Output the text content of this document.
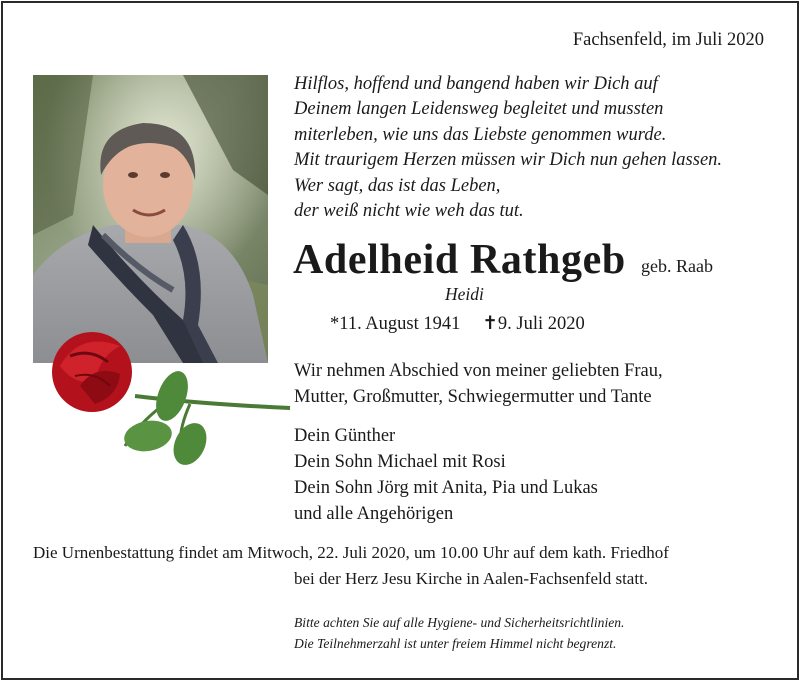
Fachsenfeld, im Juli 2020
Hilflos, hoffend und bangend haben wir Dich auf
Deinem langen Leidensweg begleitet und mussten
miterleben, wie uns das Liebste genommen wurde.
Mit traurigem Herzen müssen wir Dich nun gehen lassen.
Wer sagt, das ist das Leben,
der weiß nicht wie weh das tut.
Adelheid Rathgeb geb. Raab
Heidi
*11. August 1941 ✝9. Juli 2020
Wir nehmen Abschied von meiner geliebten Frau,
Mutter, Großmutter, Schwiegermutter und Tante
Dein Günther
Dein Sohn Michael mit Rosi
Dein Sohn Jörg mit Anita, Pia und Lukas
und alle Angehörigen
Die Urnenbestattung findet am Mitwoch, 22. Juli 2020, um 10.00 Uhr auf dem kath. Friedhof
bei der Herz Jesu Kirche in Aalen-Fachsenfeld statt.
Bitte achten Sie auf alle Hygiene- und Sicherheitsrichtlinien.
Die Teilnehmerzahl ist unter freiem Himmel nicht begrenzt.
